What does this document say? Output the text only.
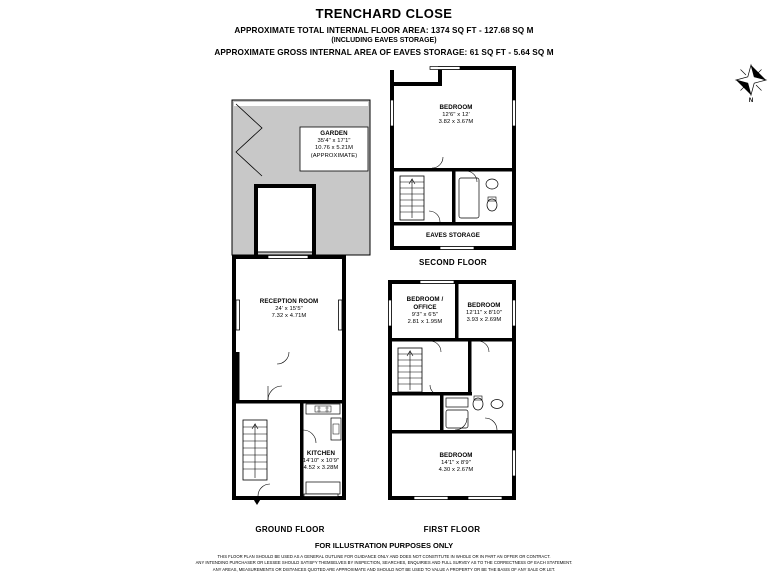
TRENCHARD CLOSE
APPROXIMATE TOTAL INTERNAL FLOOR AREA: 1374 SQ FT - 127.68 SQ M
(INCLUDING EAVES STORAGE)
APPROXIMATE GROSS INTERNAL AREA OF EAVES STORAGE: 61 SQ FT - 5.64 SQ M
N
GARDEN
35'4" x 17'1"
10.76 x 5.21M
(APPROXIMATE)
RECEPTION ROOM
24' x 15'5"
7.32 x 4.71M
KITCHEN
14'10" x 10'9"
4.52 x 3.28M
BEDROOM /
OFFICE
9'3" x 6'5"
2.81 x 1.95M
BEDROOM
12'11" x 8'10"
3.93 x 2.69M
BEDROOM
14'1" x 8'9"
4.30 x 2.67M
BEDROOM
12'6" x 12'
3.82 x 3.67M
EAVES STORAGE
GROUND FLOOR	FIRST FLOOR
SECOND FLOOR
FOR ILLUSTRATION PURPOSES ONLY
THIS FLOOR PLAN SHOULD BE USED AS A GENERAL OUTLINE FOR GUIDANCE ONLY AND DOES NOT CONSTITUTE IN WHOLE OR IN PART AN OFFER OR CONTRACT.
ANY INTENDING PURCHASER OR LESSEE SHOULD SATISFY THEMSELVES BY INSPECTION, SEARCHES, ENQUIRIES AND FULL SURVEY AS TO THE CORRECTNESS OF EACH STATEMENT.
ANY AREAS, MEASUREMENTS OR DISTANCES QUOTED ARE APPROXIMATE AND SHOULD NOT BE USED TO VALUE A PROPERTY OR BE THE BASIS OF ANY SALE OR LET.
